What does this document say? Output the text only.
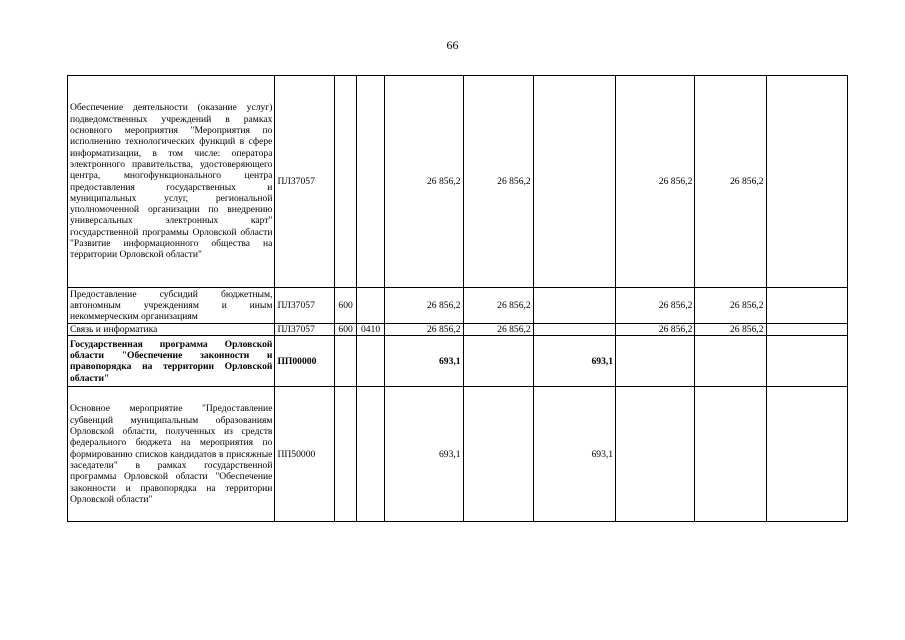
66
Обеспечение деятельности (оказание услуг) подведомственных учреждений в рамках основного мероприятия "Мероприятия по исполнению технологических функций в сфере информатизации, в том числе: оператора электронного правительства, удостоверяющего центра, многофункционального центра предоставления государственных и муниципальных услуг, региональной уполномоченной организации по внедрению универсальных электронных карт" государственной программы Орловской области "Развитие информационного общества на территории Орловской области"	ПЛ37057			26 856,2	26 856,2		26 856,2	26 856,2	
Предоставление субсидий бюджетным, автономным учреждениям и иным некоммерческим организациям	ПЛ37057	600		26 856,2	26 856,2		26 856,2	26 856,2	
Связь и информатика	ПЛ37057	600	0410	26 856,2	26 856,2		26 856,2	26 856,2	
Государственная программа Орловской области "Обеспечение законности и правопорядка на территории Орловской области"	ПП00000			693,1		693,1			
Основное мероприятие "Предоставление субвенций муниципальным образованиям Орловской области, полученных из средств федерального бюджета на мероприятия по формированию списков кандидатов в присяжные заседатели" в рамках государственной программы Орловской области "Обеспечение законности и правопорядка на территории Орловской области"	ПП50000			693,1		693,1			
